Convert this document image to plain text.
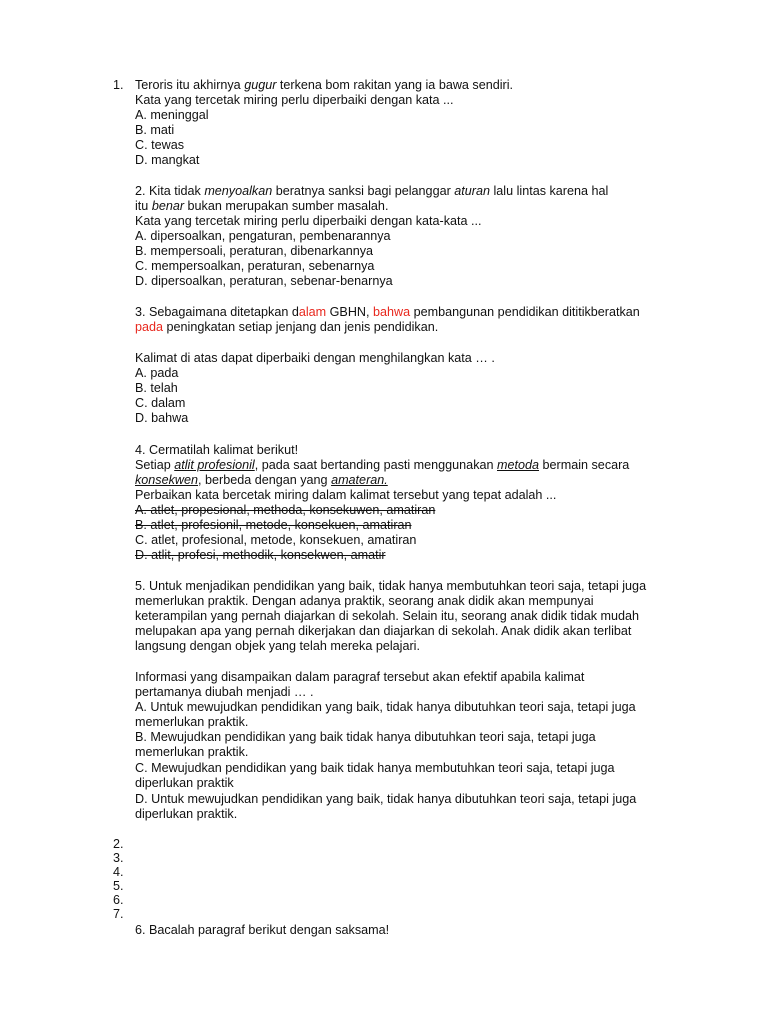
1. Teroris itu akhirnya gugur terkena bom rakitan yang ia bawa sendiri.
Kata yang tercetak miring perlu diperbaiki dengan kata ...
A. meninggal
B. mati
C. tewas
D. mangkat
2. Kita tidak menyoalkan beratnya sanksi bagi pelanggar aturan lalu lintas karena hal
itu benar bukan merupakan sumber masalah.
Kata yang tercetak miring perlu diperbaiki dengan kata-kata ...
A. dipersoalkan, pengaturan, pembenarannya
B. mempersoali, peraturan, dibenarkannya
C. mempersoalkan, peraturan, sebenarnya
D. dipersoalkan, peraturan, sebenar-benarnya
3. Sebagaimana ditetapkan dalam GBHN, bahwa pembangunan pendidikan dititikberatkan
pada peningkatan setiap jenjang dan jenis pendidikan.
Kalimat di atas dapat diperbaiki dengan menghilangkan kata … .
A. pada
B. telah
C. dalam
D. bahwa
4. Cermatilah kalimat berikut!
Setiap atlit profesionil, pada saat bertanding pasti menggunakan metoda bermain secara
konsekwen, berbeda dengan yang amateran.
Perbaikan kata bercetak miring dalam kalimat tersebut yang tepat adalah ...
A. atlet, propesional, methoda, konsekuwen, amatiran
B. atlet, profesionil, metode, konsekuen, amatiran
C. atlet, profesional, metode, konsekuen, amatiran
D. atlit, profesi, methodik, konsekwen, amatir
5. Untuk menjadikan pendidikan yang baik, tidak hanya membutuhkan teori saja, tetapi juga
memerlukan praktik. Dengan adanya praktik, seorang anak didik akan mempunyai
keterampilan yang pernah diajarkan di sekolah. Selain itu, seorang anak didik tidak mudah
melupakan apa yang pernah dikerjakan dan diajarkan di sekolah. Anak didik akan terlibat
langsung dengan objek yang telah mereka pelajari.
Informasi yang disampaikan dalam paragraf tersebut akan efektif apabila kalimat
pertamanya diubah menjadi … .
A. Untuk mewujudkan pendidikan yang baik, tidak hanya dibutuhkan teori saja, tetapi juga
memerlukan praktik.
B. Mewujudkan pendidikan yang baik tidak hanya dibutuhkan teori saja, tetapi juga
memerlukan praktik.
C. Mewujudkan pendidikan yang baik tidak hanya membutuhkan teori saja, tetapi juga
diperlukan praktik
D. Untuk mewujudkan pendidikan yang baik, tidak hanya dibutuhkan teori saja, tetapi juga
diperlukan praktik.
2.
3.
4.
5.
6.
7.
6. Bacalah paragraf berikut dengan saksama!
